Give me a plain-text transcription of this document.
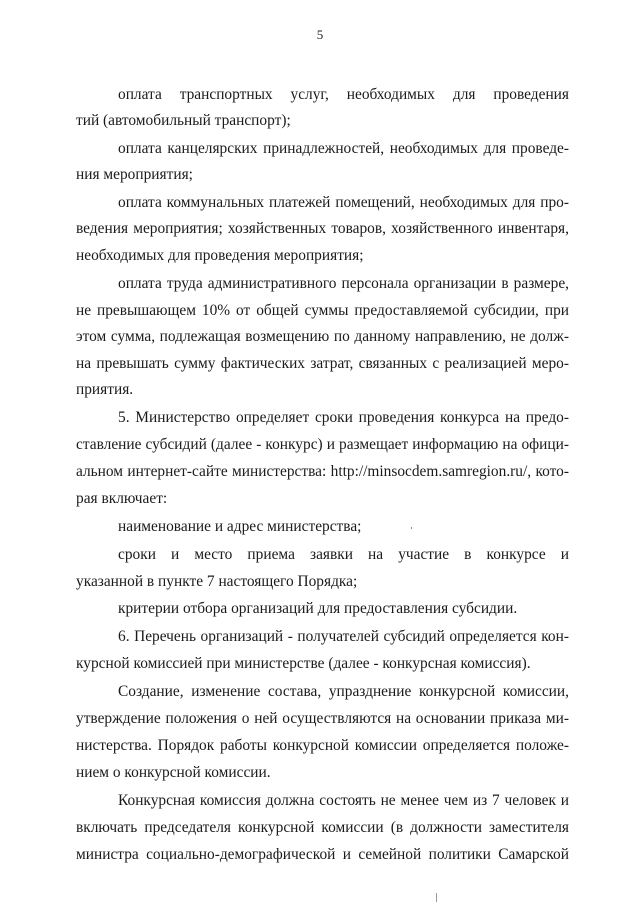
5
оплата транспортных услуг, необходимых для проведения
тий (автомобильный транспорт);
оплата канцелярских принадлежностей, необходимых для проведе-
ния мероприятия;
оплата коммунальных платежей помещений, необходимых для про-
ведения мероприятия; хозяйственных товаров, хозяйственного инвентаря,
необходимых для проведения мероприятия;
оплата труда административного персонала организации в размере,
не превышающем 10% от общей суммы предоставляемой субсидии, при
этом сумма, подлежащая возмещению по данному направлению, не долж-
на превышать сумму фактических затрат, связанных с реализацией меро-
приятия.
5. Министерство определяет сроки проведения конкурса на предо-
ставление субсидий (далее - конкурс) и размещает информацию на офици-
альном интернет-сайте министерства: http://minsocdem.samregion.ru/, кото-
рая включает:
наименование и адрес министерства;
сроки и место приема заявки на участие в конкурсе и
указанной в пункте 7 настоящего Порядка;
критерии отбора организаций для предоставления субсидии.
6. Перечень организаций - получателей субсидий определяется кон-
курсной комиссией при министерстве (далее - конкурсная комиссия).
Создание, изменение состава, упразднение конкурсной комиссии,
утверждение положения о ней осуществляются на основании приказа ми-
нистерства. Порядок работы конкурсной комиссии определяется положе-
нием о конкурсной комиссии.
Конкурсная комиссия должна состоять не менее чем из 7 человек и
включать председателя конкурсной комиссии (в должности заместителя
министра социально-демографической и семейной политики Самарской
